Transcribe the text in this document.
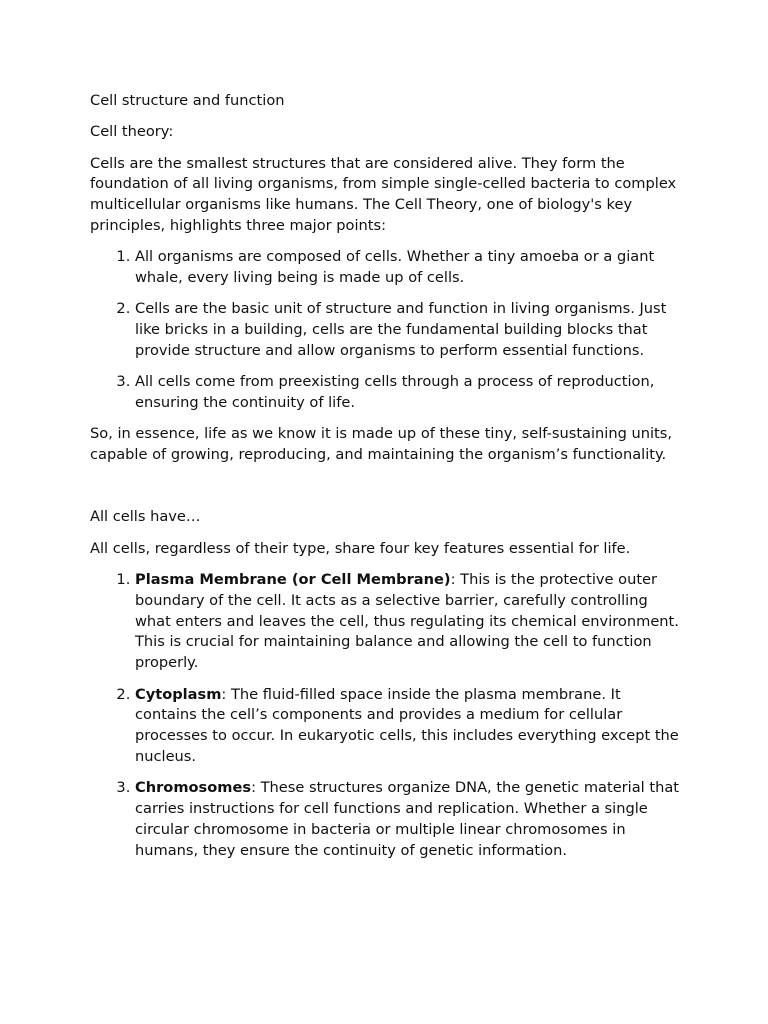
Cell structure and function

Cell theory:

Cells are the smallest structures that are considered alive. They form the foundation of all living organisms, from simple single-celled bacteria to complex multicellular organisms like humans. The Cell Theory, one of biology's key principles, highlights three major points:

1. All organisms are composed of cells. Whether a tiny amoeba or a giant whale, every living being is made up of cells.
2. Cells are the basic unit of structure and function in living organisms. Just like bricks in a building, cells are the fundamental building blocks that provide structure and allow organisms to perform essential functions.
3. All cells come from preexisting cells through a process of reproduction, ensuring the continuity of life.

So, in essence, life as we know it is made up of these tiny, self-sustaining units, capable of growing, reproducing, and maintaining the organism’s functionality.

All cells have…

All cells, regardless of their type, share four key features essential for life.

1. Plasma Membrane (or Cell Membrane): This is the protective outer boundary of the cell. It acts as a selective barrier, carefully controlling what enters and leaves the cell, thus regulating its chemical environment. This is crucial for maintaining balance and allowing the cell to function properly.
2. Cytoplasm: The fluid-filled space inside the plasma membrane. It contains the cell’s components and provides a medium for cellular processes to occur. In eukaryotic cells, this includes everything except the nucleus.
3. Chromosomes: These structures organize DNA, the genetic material that carries instructions for cell functions and replication. Whether a single circular chromosome in bacteria or multiple linear chromosomes in humans, they ensure the continuity of genetic information.
